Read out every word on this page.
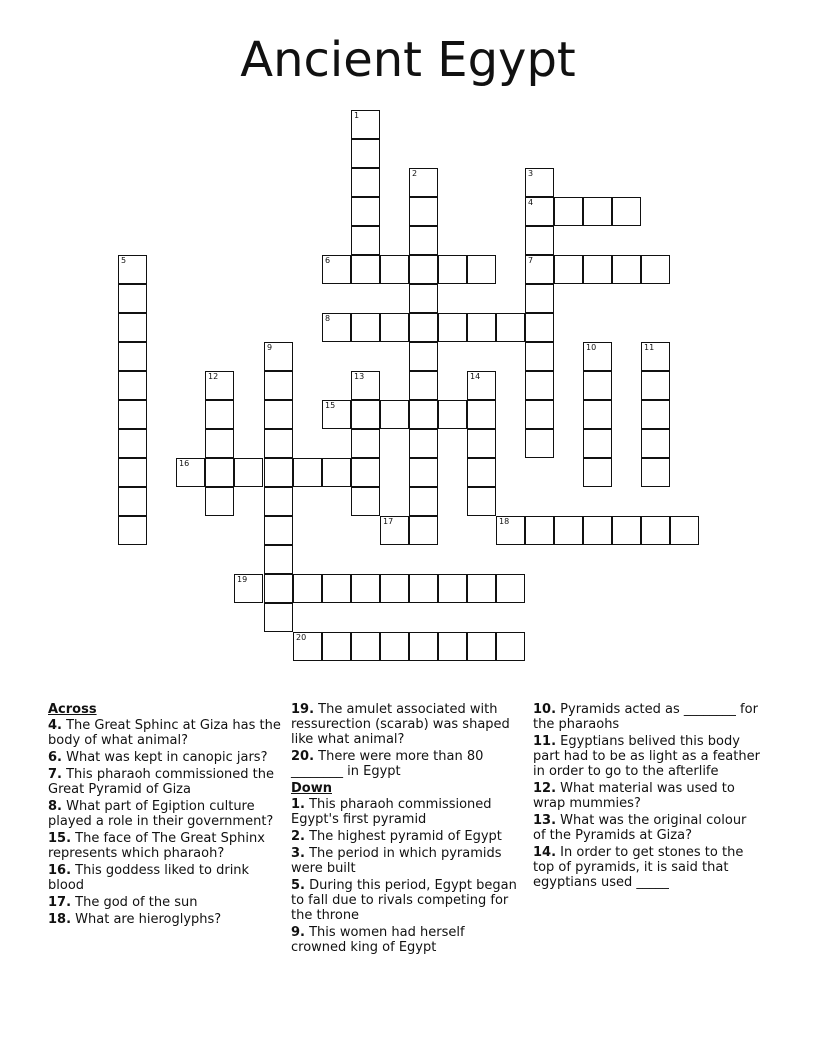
Ancient Egypt
1
2	3
4
5	6	7
8
9	10	11
12	13	14
15
16
17	18
19
20
Across
4. The Great Sphinc at Giza has the body of what animal?
6. What was kept in canopic jars?
7. This pharaoh commissioned the Great Pyramid of Giza
8. What part of Egiption culture played a role in their government?
15. The face of The Great Sphinx represents which pharaoh?
16. This goddess liked to drink blood
17. The god of the sun
18. What are hieroglyphs?
19. The amulet associated with ressurection (scarab) was shaped like what animal?
20. There were more than 80 ________ in Egypt
Down
1. This pharaoh commissioned Egypt's first pyramid
2. The highest pyramid of Egypt
3. The period in which pyramids were built
5. During this period, Egypt began to fall due to rivals competing for the throne
9. This women had herself crowned king of Egypt
10. Pyramids acted as ________ for the pharaohs
11. Egyptians belived this body part had to be as light as a feather in order to go to the afterlife
12. What material was used to wrap mummies?
13. What was the original colour of the Pyramids at Giza?
14. In order to get stones to the top of pyramids, it is said that egyptians used _____
